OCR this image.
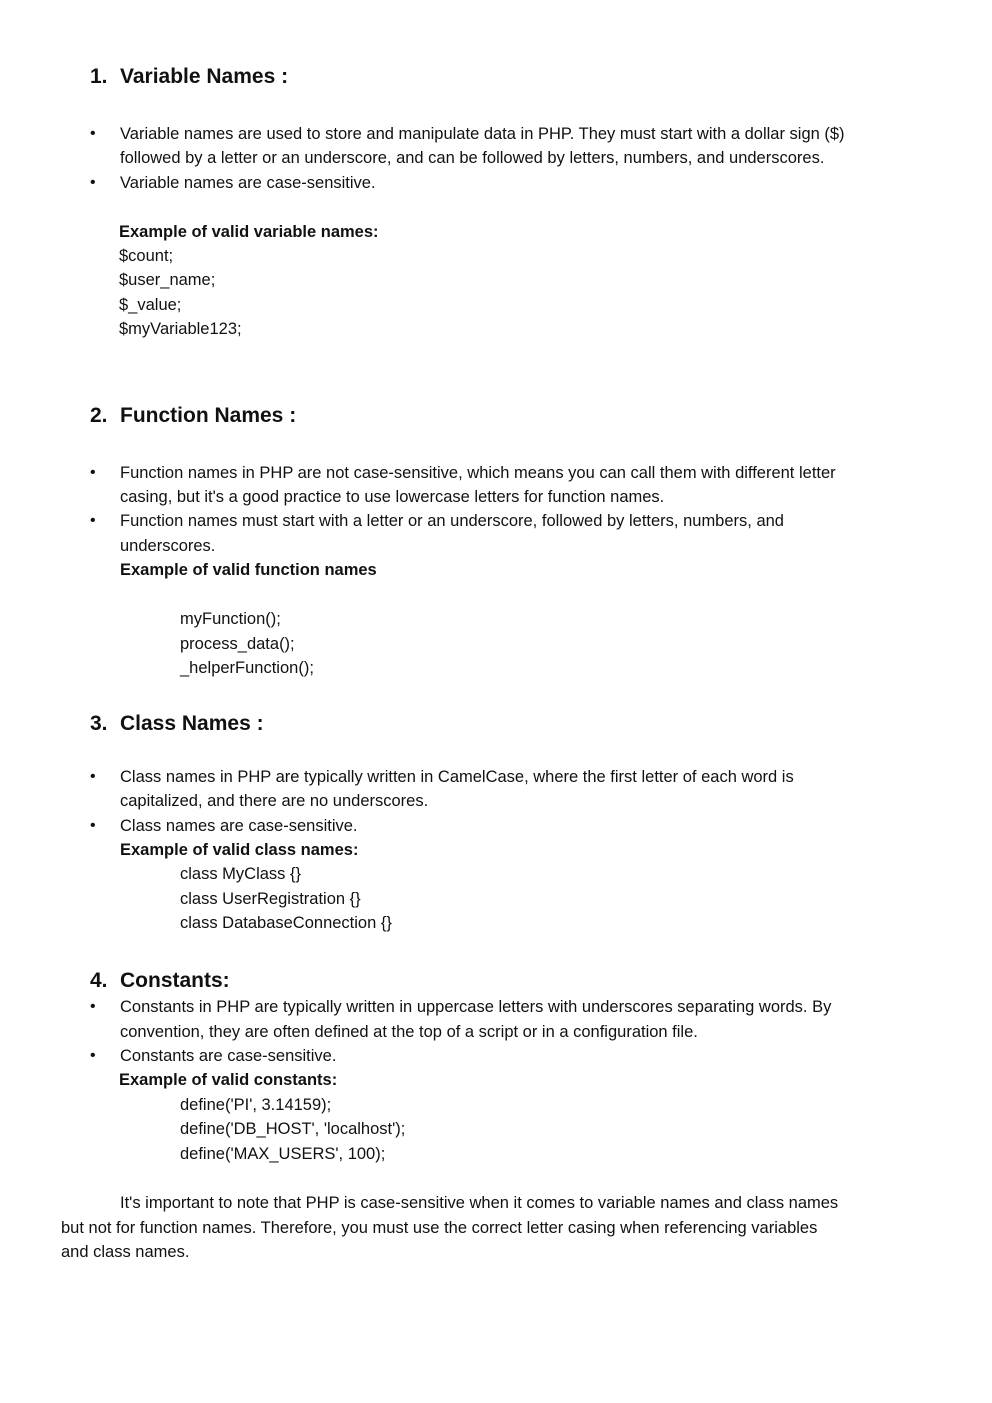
1. Variable Names :
• Variable names are used to store and manipulate data in PHP. They must start with a dollar sign ($)
followed by a letter or an underscore, and can be followed by letters, numbers, and underscores.
• Variable names are case-sensitive.
Example of valid variable names:
$count;
$user_name;
$_value;
$myVariable123;
2. Function Names :
• Function names in PHP are not case-sensitive, which means you can call them with different letter
casing, but it's a good practice to use lowercase letters for function names.
• Function names must start with a letter or an underscore, followed by letters, numbers, and
underscores.
Example of valid function names
myFunction();
process_data();
_helperFunction();
3. Class Names :
• Class names in PHP are typically written in CamelCase, where the first letter of each word is
capitalized, and there are no underscores.
• Class names are case-sensitive.
Example of valid class names:
class MyClass {}
class UserRegistration {}
class DatabaseConnection {}
4. Constants:
• Constants in PHP are typically written in uppercase letters with underscores separating words. By
convention, they are often defined at the top of a script or in a configuration file.
• Constants are case-sensitive.
Example of valid constants:
define('PI', 3.14159);
define('DB_HOST', 'localhost');
define('MAX_USERS', 100);
It's important to note that PHP is case-sensitive when it comes to variable names and class names
but not for function names. Therefore, you must use the correct letter casing when referencing variables
and class names.
